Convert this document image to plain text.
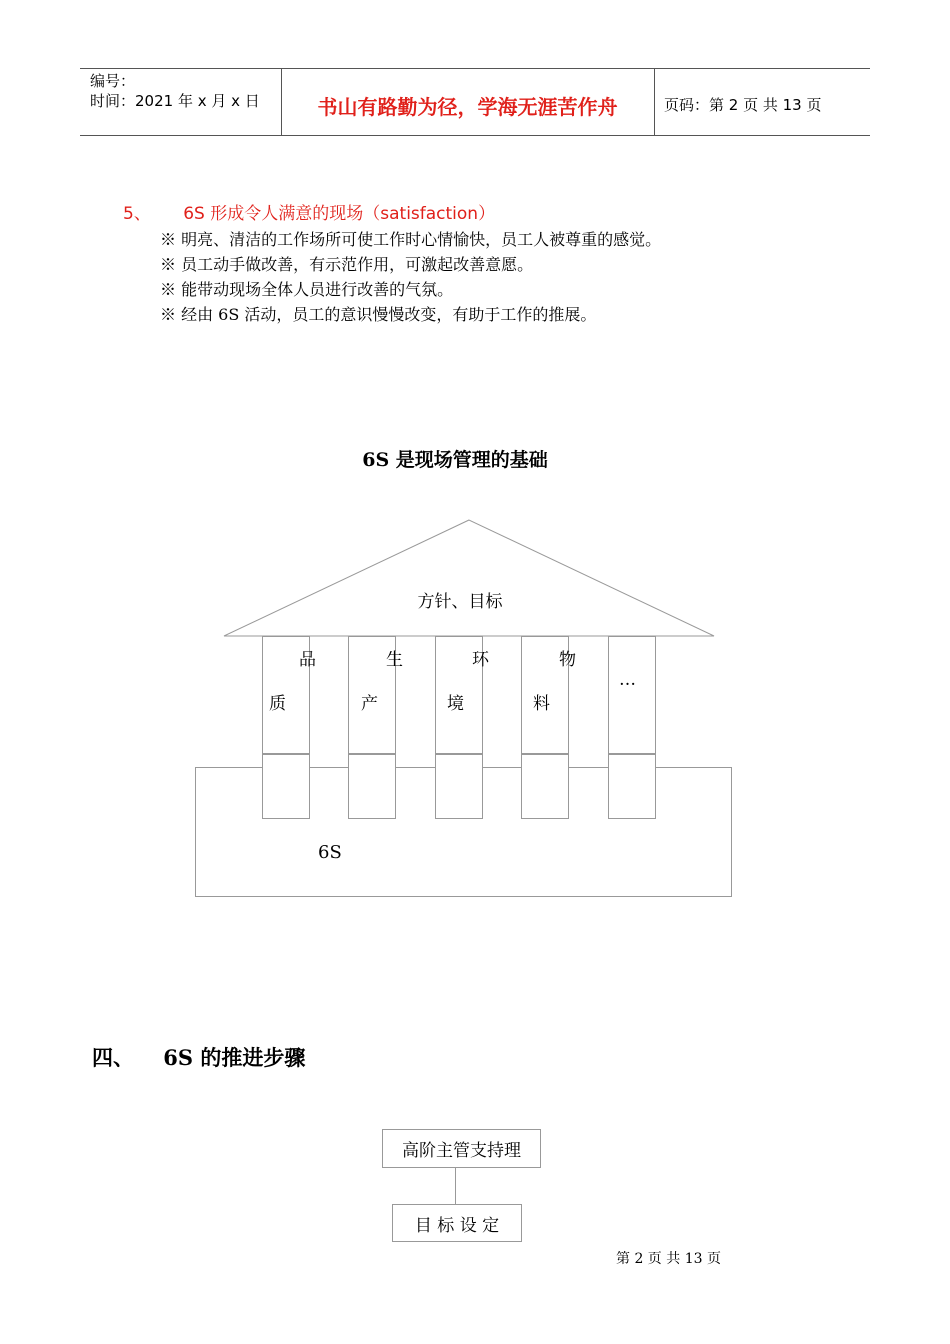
编号：
时间：2021 年 x 月 x 日	书山有路勤为径，学海无涯苦作舟	页码：第 2 页 共 13 页
5、      6S 形成令人满意的现场（satisfaction）
※ 明亮、清洁的工作场所可使工作时心情愉快，员工人被尊重的感觉。
※ 员工动手做改善，有示范作用，可激起改善意愿。
※ 能带动现场全体人员进行改善的气氛。
※ 经由 6S 活动，员工的意识慢慢改变，有助于工作的推展。
6S 是现场管理的基础
方针、目标
品
质
生
产
环
境
物
料
…
6S
四、    6S 的推进步骤
高阶主管支持理
目 标 设 定
第 2 页 共 13 页
